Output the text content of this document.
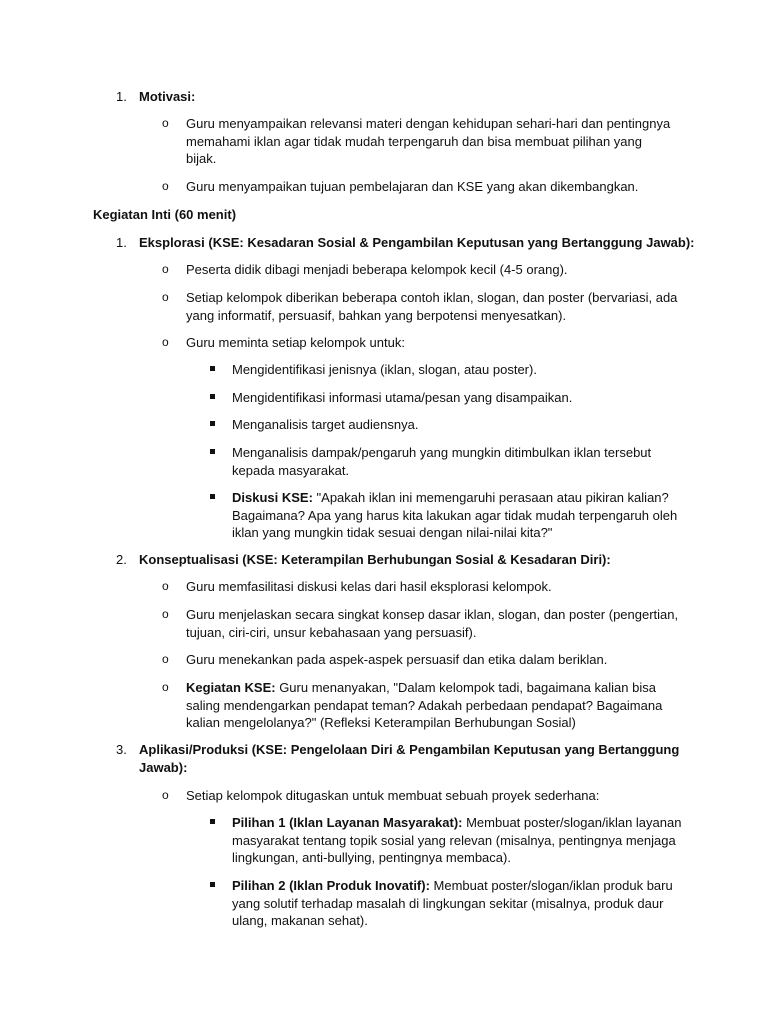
1. Motivasi:
o Guru menyampaikan relevansi materi dengan kehidupan sehari-hari dan pentingnya
memahami iklan agar tidak mudah terpengaruh dan bisa membuat pilihan yang
bijak.
o Guru menyampaikan tujuan pembelajaran dan KSE yang akan dikembangkan.
Kegiatan Inti (60 menit)
1. Eksplorasi (KSE: Kesadaran Sosial & Pengambilan Keputusan yang Bertanggung Jawab):
o Peserta didik dibagi menjadi beberapa kelompok kecil (4-5 orang).
o Setiap kelompok diberikan beberapa contoh iklan, slogan, dan poster (bervariasi, ada
yang informatif, persuasif, bahkan yang berpotensi menyesatkan).
o Guru meminta setiap kelompok untuk:
Mengidentifikasi jenisnya (iklan, slogan, atau poster).
Mengidentifikasi informasi utama/pesan yang disampaikan.
Menganalisis target audiensnya.
Menganalisis dampak/pengaruh yang mungkin ditimbulkan iklan tersebut
kepada masyarakat.
Diskusi KSE: "Apakah iklan ini memengaruhi perasaan atau pikiran kalian?
Bagaimana? Apa yang harus kita lakukan agar tidak mudah terpengaruh oleh
iklan yang mungkin tidak sesuai dengan nilai-nilai kita?"
2. Konseptualisasi (KSE: Keterampilan Berhubungan Sosial & Kesadaran Diri):
o Guru memfasilitasi diskusi kelas dari hasil eksplorasi kelompok.
o Guru menjelaskan secara singkat konsep dasar iklan, slogan, dan poster (pengertian,
tujuan, ciri-ciri, unsur kebahasaan yang persuasif).
o Guru menekankan pada aspek-aspek persuasif dan etika dalam beriklan.
o Kegiatan KSE: Guru menanyakan, "Dalam kelompok tadi, bagaimana kalian bisa
saling mendengarkan pendapat teman? Adakah perbedaan pendapat? Bagaimana
kalian mengelolanya?" (Refleksi Keterampilan Berhubungan Sosial)
3. Aplikasi/Produksi (KSE: Pengelolaan Diri & Pengambilan Keputusan yang Bertanggung
Jawab):
o Setiap kelompok ditugaskan untuk membuat sebuah proyek sederhana:
Pilihan 1 (Iklan Layanan Masyarakat): Membuat poster/slogan/iklan layanan
masyarakat tentang topik sosial yang relevan (misalnya, pentingnya menjaga
lingkungan, anti-bullying, pentingnya membaca).
Pilihan 2 (Iklan Produk Inovatif): Membuat poster/slogan/iklan produk baru
yang solutif terhadap masalah di lingkungan sekitar (misalnya, produk daur
ulang, makanan sehat).
